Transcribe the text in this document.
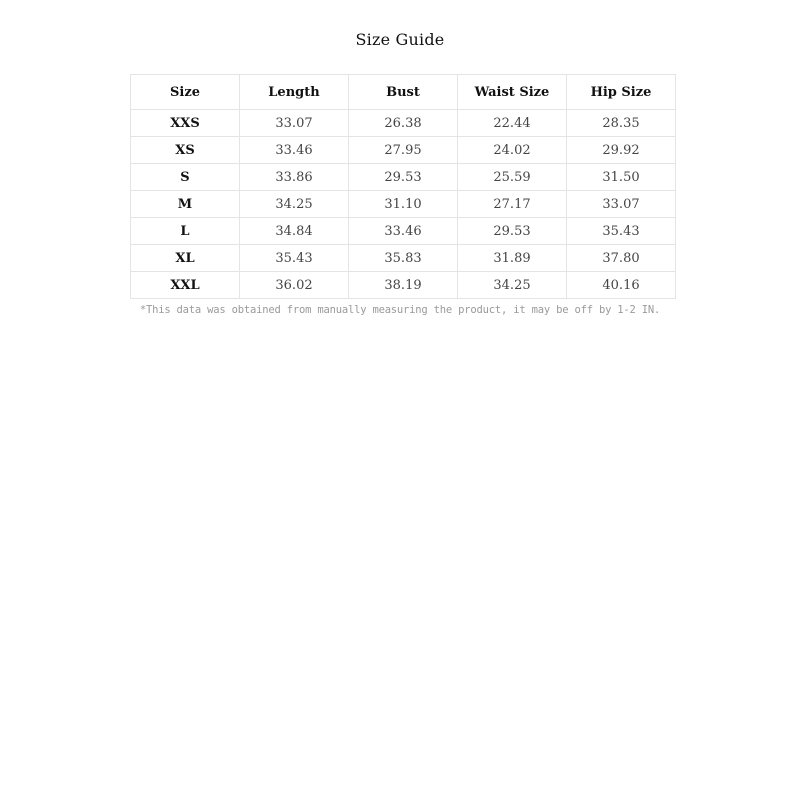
Size Guide
Size	Length	Bust	Waist Size	Hip Size
XXS	33.07	26.38	22.44	28.35
XS	33.46	27.95	24.02	29.92
S	33.86	29.53	25.59	31.50
M	34.25	31.10	27.17	33.07
L	34.84	33.46	29.53	35.43
XL	35.43	35.83	31.89	37.80
XXL	36.02	38.19	34.25	40.16
*This data was obtained from manually measuring the product, it may be off by 1-2 IN.
